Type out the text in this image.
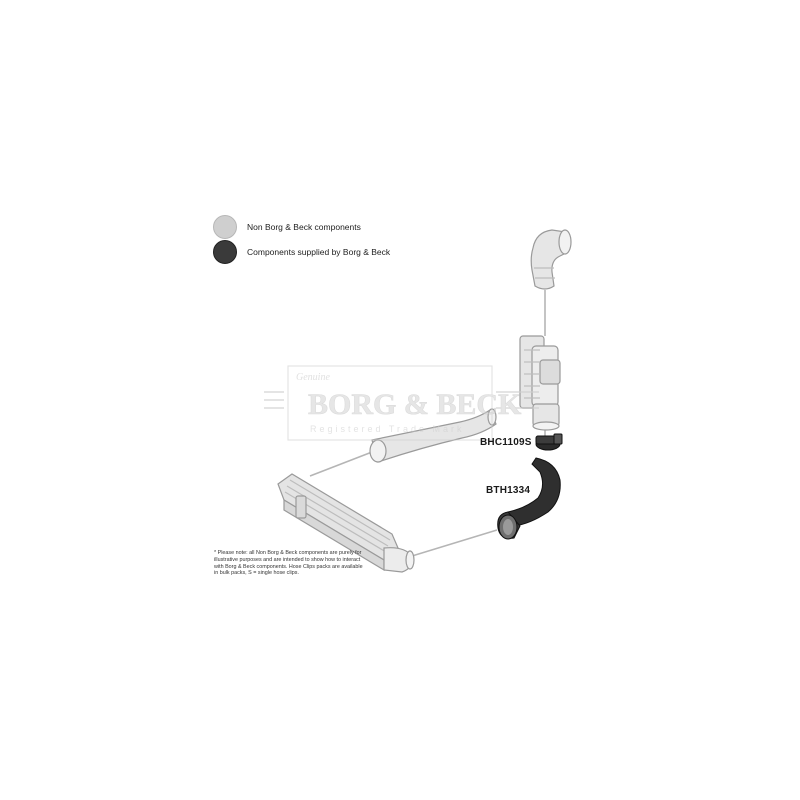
Non Borg & Beck components
Components supplied by Borg & Beck
Genuine
BORG & BECK
Registered Trade Mark
BHC1109S
BTH1334
* Please note: all Non Borg & Beck components are purely for illustrative purposes and are intended to show how to interact with Borg & Beck components. Hose Clips packs are available in bulk packs, S = single hose clips.
